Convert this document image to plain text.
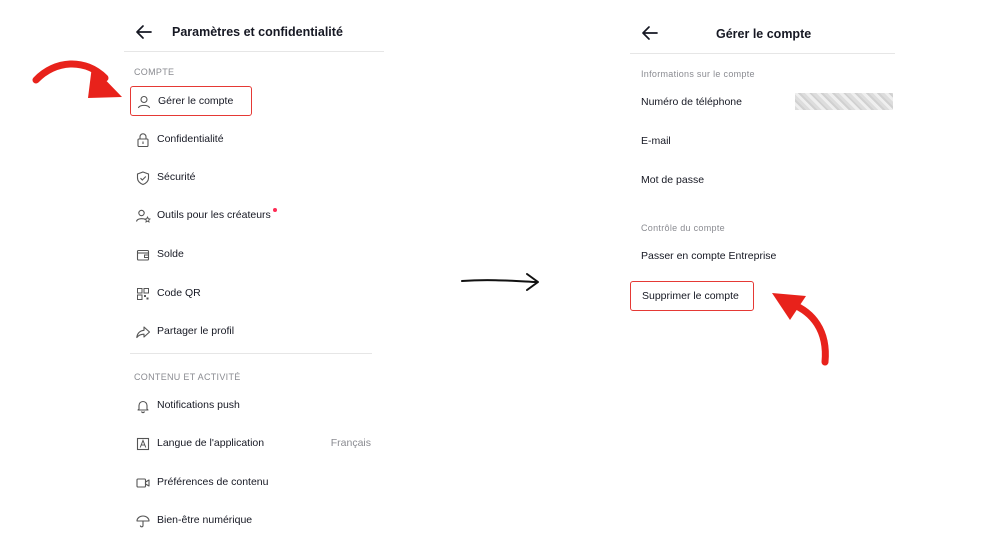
Paramètres et confidentialité
COMPTE
Gérer le compte
Confidentialité
Sécurité
Outils pour les créateurs
Solde
Code QR
Partager le profil
CONTENU ET ACTIVITÉ
Notifications push
Langue de l'application	Français
Préférences de contenu
Bien-être numérique
Gérer le compte
Informations sur le compte
Numéro de téléphone
E-mail
Mot de passe
Contrôle du compte
Passer en compte Entreprise
Supprimer le compte
